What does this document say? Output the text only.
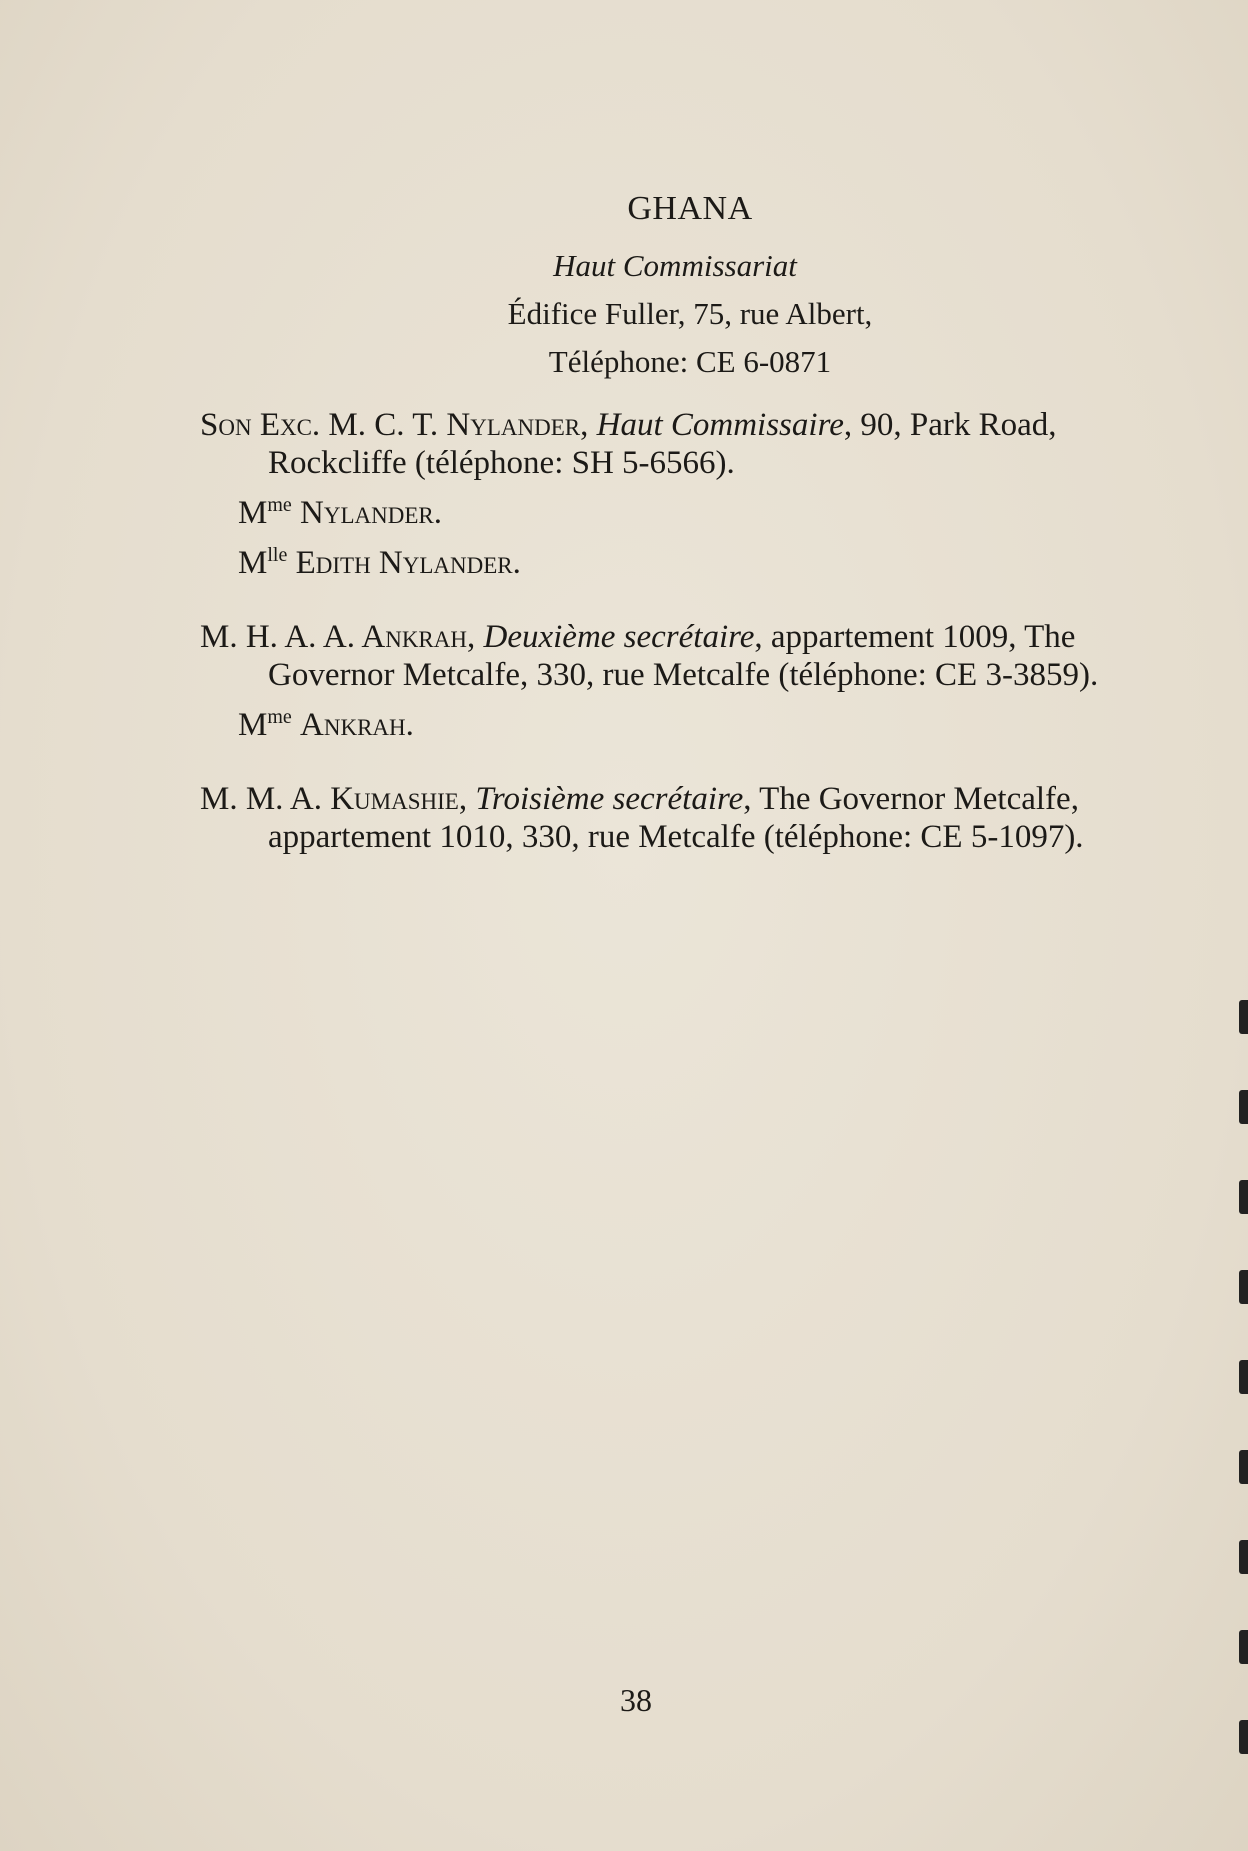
GHANA

Haut Commissariat

Édifice Fuller, 75, rue Albert,

Téléphone: CE 6-0871

Son Exc. M. C. T. Nylander, Haut Commissaire, 90, Park Road, Rockcliffe (téléphone: SH 5-6566).

$M^{me}$ Nylander.

$M^{lle}$ Edith Nylander.

M. H. A. A. Ankrah, Deuxième secrétaire, appartement 1009, The Governor Metcalfe, 330, rue Metcalfe (téléphone: CE 3-3859).

$M^{me}$ Ankrah.

M. M. A. Kumashie, Troisième secrétaire, The Governor Metcalfe, appartement 1010, 330, rue Metcalfe (téléphone: CE 5-1097).

38
